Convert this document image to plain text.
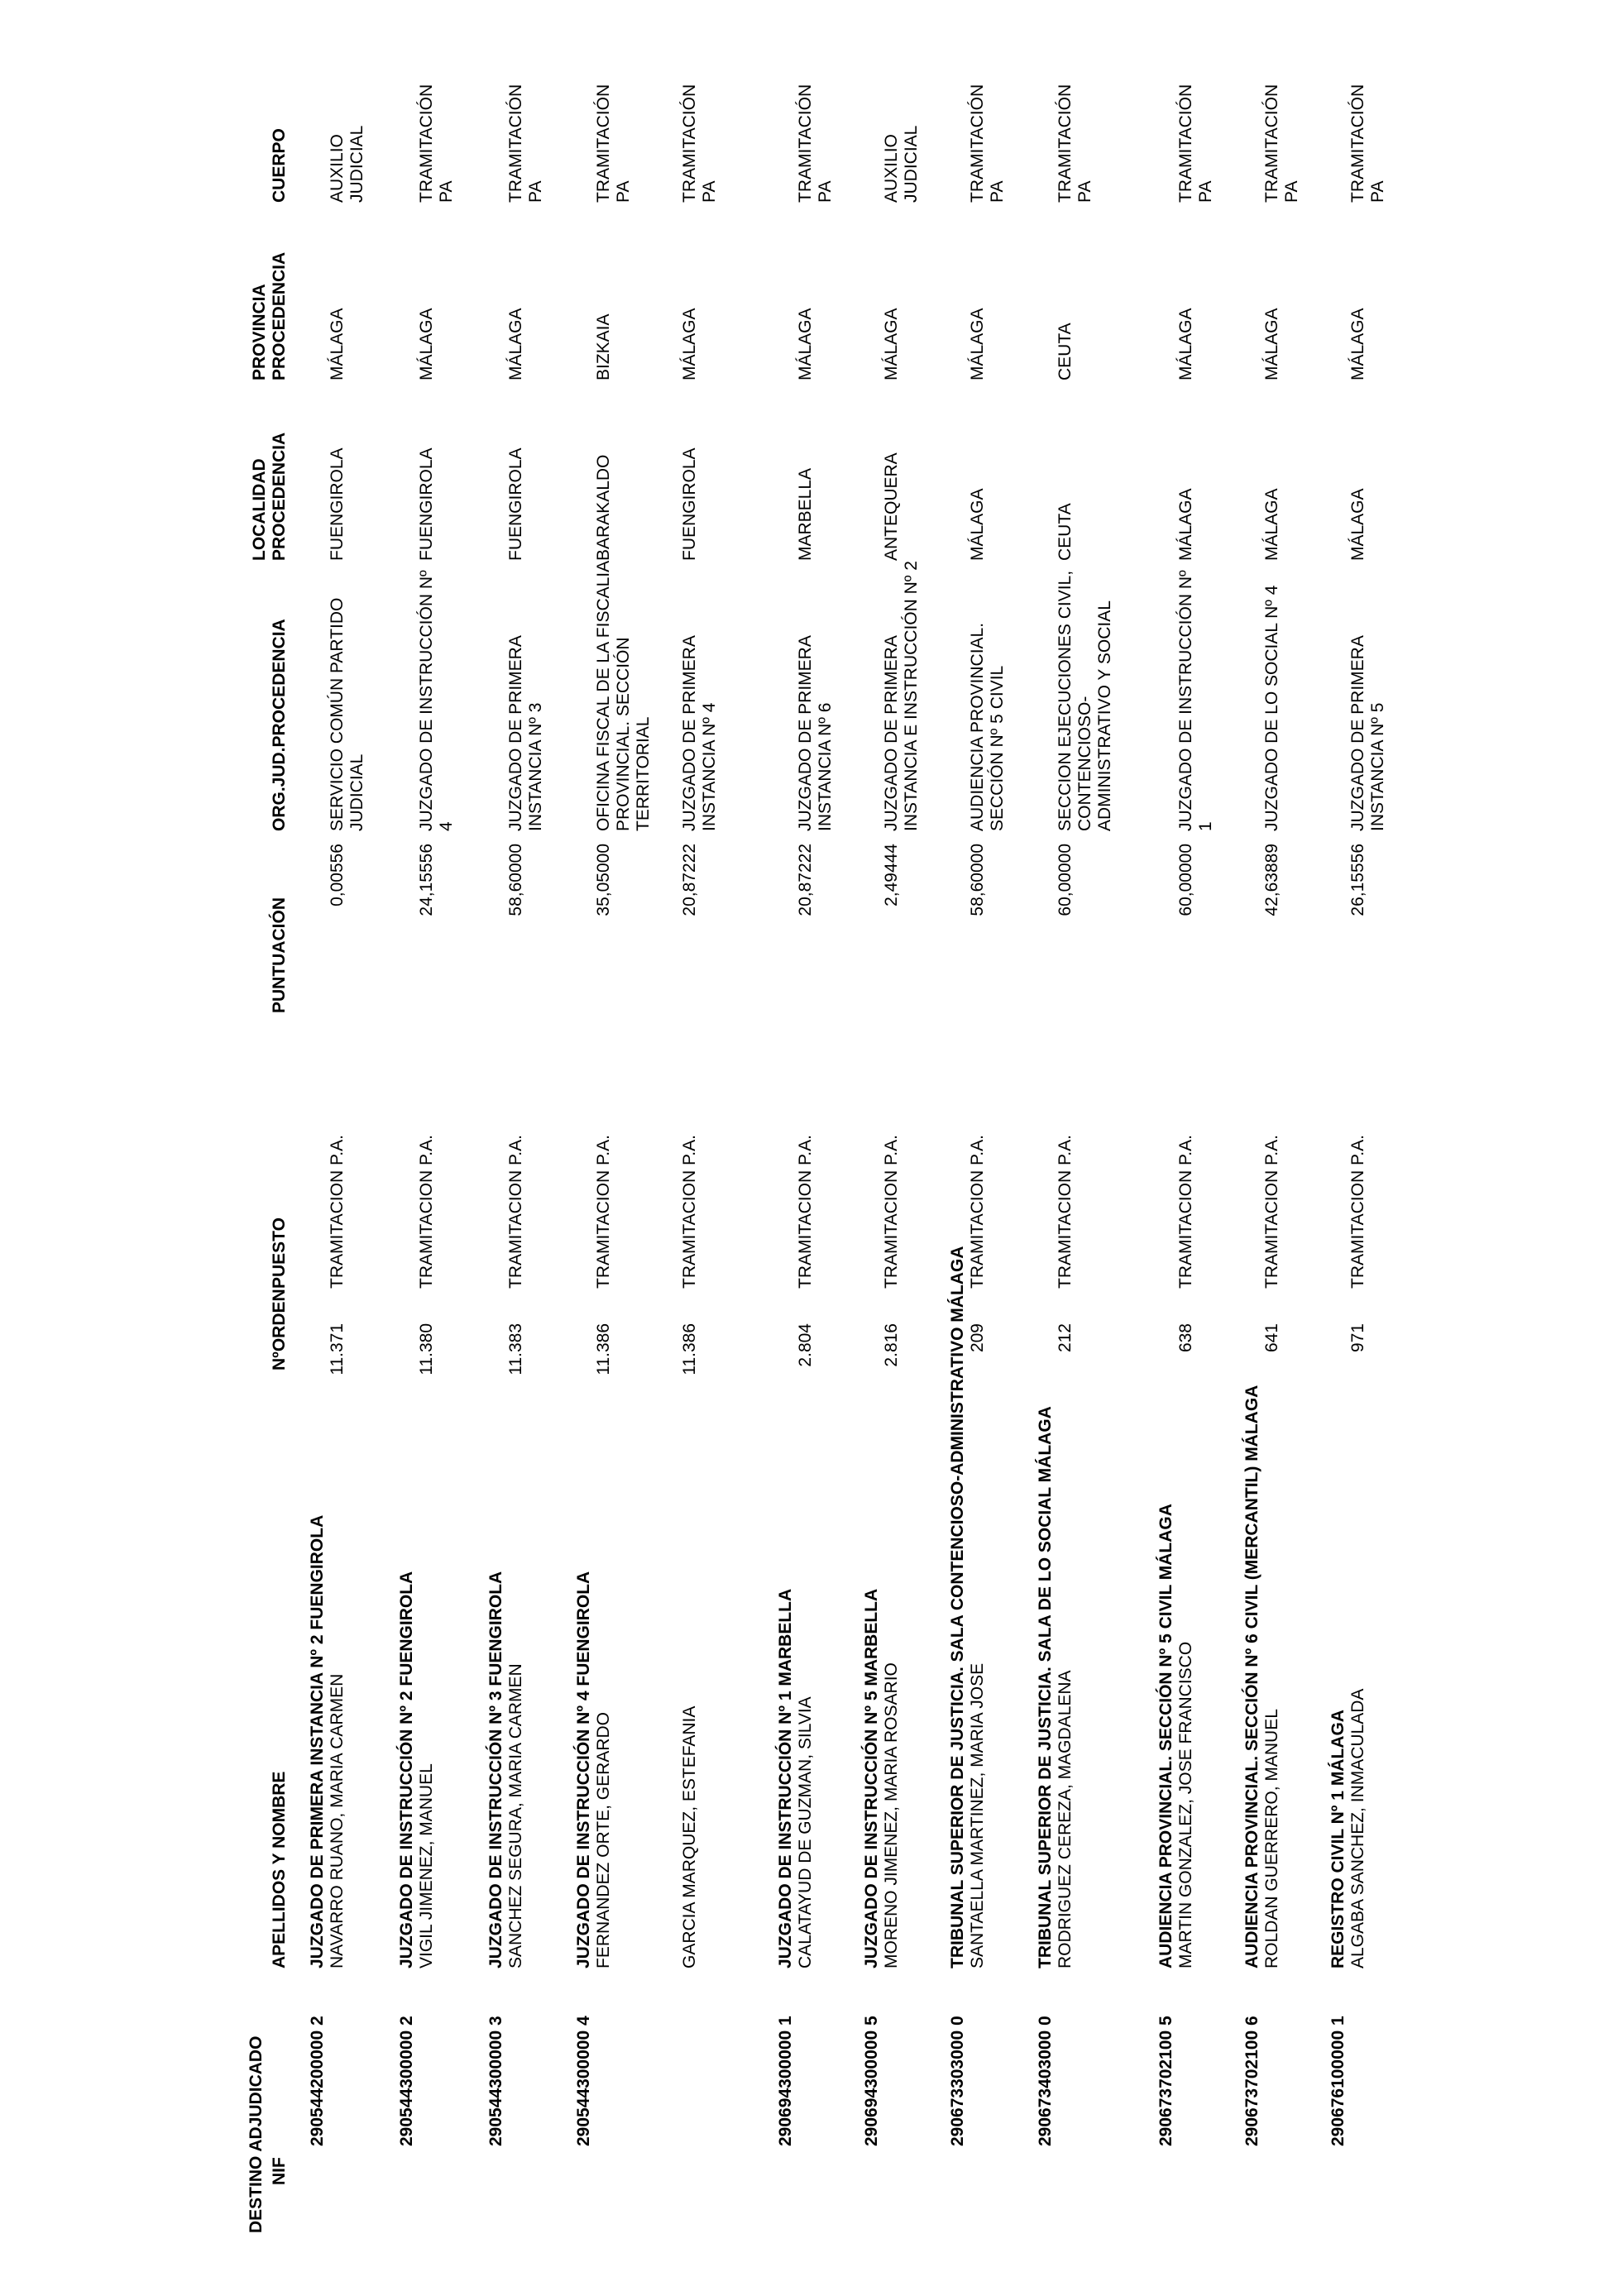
DESTINO ADJUDICADO NIF
APELLIDOS Y NOMBRE
NºORDEN
PUESTO
PUNTUACIÓN
ORG.JUD.PROCEDENCIA
LOCALIDAD PROCEDENCIA
PROVINCIA PROCEDENCIA
CUERPO
290544200000 2
JUZGADO DE PRIMERA INSTANCIA Nº 2 FUENGIROLA NAVARRO RUANO, MARIA CARMEN
11.371
TRAMITACION P.A.
0,00556
SERVICIO COMÚN PARTIDO JUDICIAL
FUENGIROLA
MÁLAGA
AUXILIO JUDICIAL
290544300000 2
JUZGADO DE INSTRUCCIÓN Nº 2 FUENGIROLA VIGIL JIMENEZ, MANUEL
11.380
TRAMITACION P.A.
24,15556
JUZGADO DE INSTRUCCIÓN Nº 4
FUENGIROLA
MÁLAGA
TRAMITACIÓN PA
290544300000 3
JUZGADO DE INSTRUCCIÓN Nº 3 FUENGIROLA SANCHEZ SEGURA, MARIA CARMEN
11.383
TRAMITACION P.A.
58,60000
JUZGADO DE PRIMERA INSTANCIA Nº 3
FUENGIROLA
MÁLAGA
TRAMITACIÓN PA
290544300000 4
JUZGADO DE INSTRUCCIÓN Nº 4 FUENGIROLA FERNANDEZ ORTE, GERARDO
11.386
TRAMITACION P.A.
35,05000
OFICINA FISCAL DE LA FISCALIA PROVINCIAL. SECCIÓN TERRITORIAL
BARAKALDO
BIZKAIA
TRAMITACIÓN PA
GARCIA MARQUEZ, ESTEFANIA
11.386
TRAMITACION P.A.
20,87222
JUZGADO DE PRIMERA INSTANCIA Nº 4
FUENGIROLA
MÁLAGA
TRAMITACIÓN PA
290694300000 1
JUZGADO DE INSTRUCCIÓN Nº 1 MARBELLA CALATAYUD DE GUZMAN, SILVIA
2.804
TRAMITACION P.A.
20,87222
JUZGADO DE PRIMERA INSTANCIA Nº 6
MARBELLA
MÁLAGA
TRAMITACIÓN PA
290694300000 5
JUZGADO DE INSTRUCCIÓN Nº 5 MARBELLA MORENO JIMENEZ, MARIA ROSARIO
2.816
TRAMITACION P.A.
2,49444
JUZGADO DE PRIMERA INSTANCIA E INSTRUCCIÓN Nº 2
ANTEQUERA
MÁLAGA
AUXILIO JUDICIAL
290673303000 0
TRIBUNAL SUPERIOR DE JUSTICIA. SALA CONTENCIOSO-ADMINISTRATIVO MÁLAGA SANTAELLA MARTINEZ, MARIA JOSE
209
TRAMITACION P.A.
58,60000
AUDIENCIA PROVINCIAL. SECCIÓN Nº 5 CIVIL
MÁLAGA
MÁLAGA
TRAMITACIÓN PA
290673403000 0
TRIBUNAL SUPERIOR DE JUSTICIA. SALA DE LO SOCIAL MÁLAGA RODRIGUEZ CEREZA, MAGDALENA
212
TRAMITACION P.A.
60,00000
SECCION EJECUCIONES CIVIL, CONTENCIOSO- ADMINISTRATIVO Y SOCIAL
CEUTA
CEUTA
TRAMITACIÓN PA
290673702100 5
AUDIENCIA PROVINCIAL. SECCIÓN Nº 5 CIVIL MÁLAGA MARTIN GONZALEZ, JOSE FRANCISCO
638
TRAMITACION P.A.
60,00000
JUZGADO DE INSTRUCCIÓN Nº 1
MÁLAGA
MÁLAGA
TRAMITACIÓN PA
290673702100 6
AUDIENCIA PROVINCIAL. SECCIÓN Nº 6 CIVIL (MERCANTIL) MÁLAGA ROLDAN GUERRERO, MANUEL
641
TRAMITACION P.A.
42,63889
JUZGADO DE LO SOCIAL Nº 4
MÁLAGA
MÁLAGA
TRAMITACIÓN PA
290676100000 1
REGISTRO CIVIL Nº 1 MÁLAGA ALGABA SANCHEZ, INMACULADA
971
TRAMITACION P.A.
26,15556
JUZGADO DE PRIMERA INSTANCIA Nº 5
MÁLAGA
MÁLAGA
TRAMITACIÓN PA
